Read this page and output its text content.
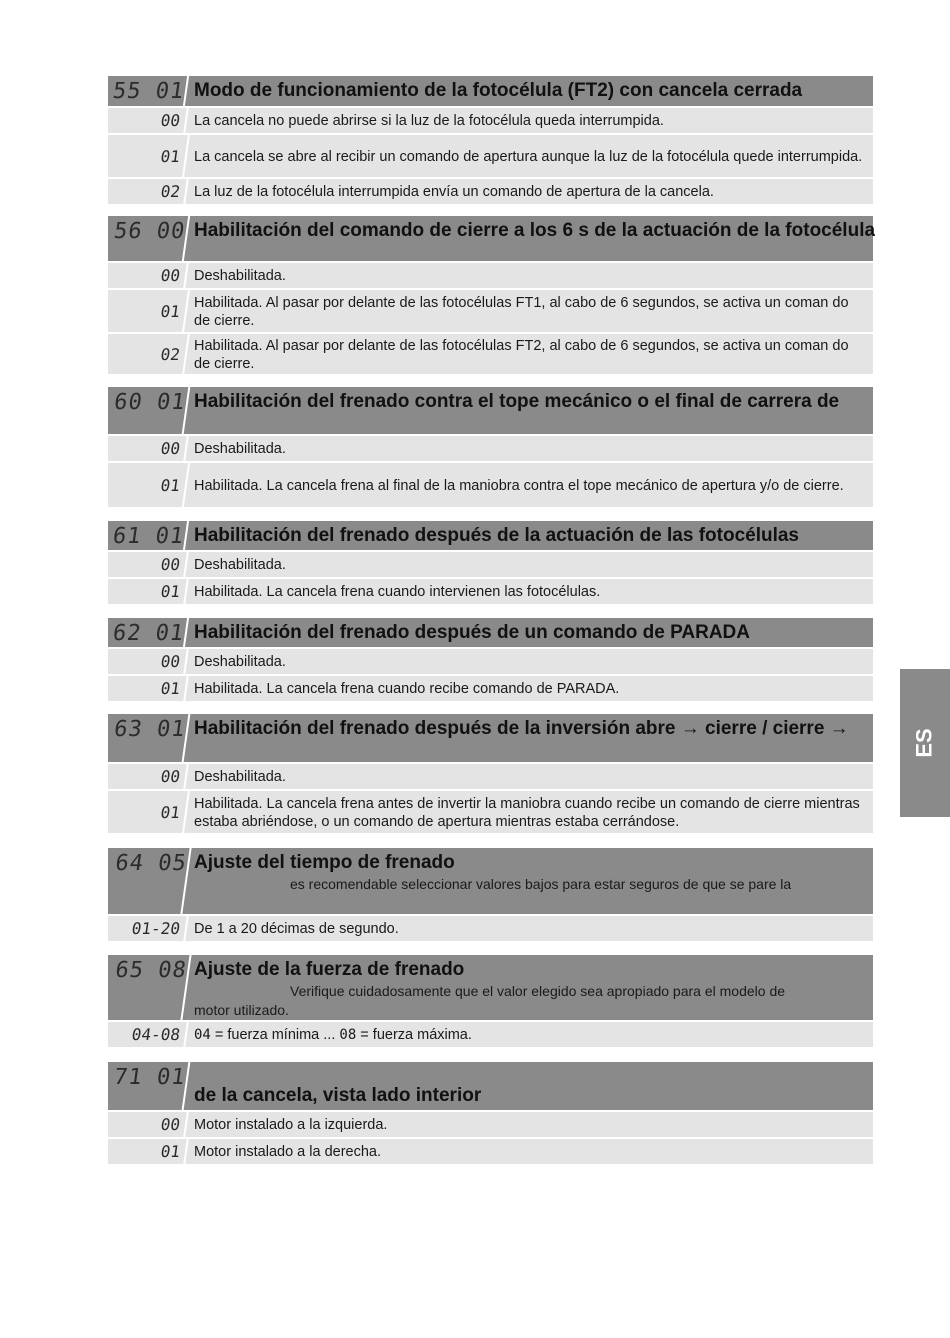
55 01 Modo de funcionamiento de la fotocélula (FT2) con cancela cerrada
00 La cancela no puede abrirse si la luz de la fotocélula queda interrumpida.
01 La cancela se abre al recibir un comando de apertura aunque la luz de la fotocélula quede interrumpida.
02 La luz de la fotocélula interrumpida envía un comando de apertura de la cancela.
56 00 Habilitación del comando de cierre a los 6 s de la actuación de la fotocélula
00 Deshabilitada.
01 Habilitada. Al pasar por delante de las fotocélulas FT1, al cabo de 6 segundos, se activa un coman do de cierre.
02 Habilitada. Al pasar por delante de las fotocélulas FT2, al cabo de 6 segundos, se activa un coman do de cierre.
60 01 Habilitación del frenado contra el tope mecánico o el final de carrera de
00 Deshabilitada.
01 Habilitada. La cancela frena al final de la maniobra contra el tope mecánico de apertura y/o de cierre.
61 01 Habilitación del frenado después de la actuación de las fotocélulas
00 Deshabilitada.
01 Habilitada. La cancela frena cuando intervienen las fotocélulas.
62 01 Habilitación del frenado después de un comando de PARADA
00 Deshabilitada.
01 Habilitada. La cancela frena cuando recibe comando de PARADA.
63 01 Habilitación del frenado después de la inversión abre → cierre / cierre →
00 Deshabilitada.
01 Habilitada. La cancela frena antes de invertir la maniobra cuando recibe un comando de cierre mientras estaba abriéndose, o un comando de apertura mientras estaba cerrándose.
64 05 Ajuste del tiempo de frenado
es recomendable seleccionar valores bajos para estar seguros de que se pare la
01-20 De 1 a 20 décimas de segundo.
65 08 Ajuste de la fuerza de frenado
Verifique cuidadosamente que el valor elegido sea apropiado para el modelo de
motor utilizado.
04-08 04 = fuerza mínima ... 08 = fuerza máxima.
71 01
de la cancela, vista lado interior
00 Motor instalado a la izquierda.
01 Motor instalado a la derecha.
ES
